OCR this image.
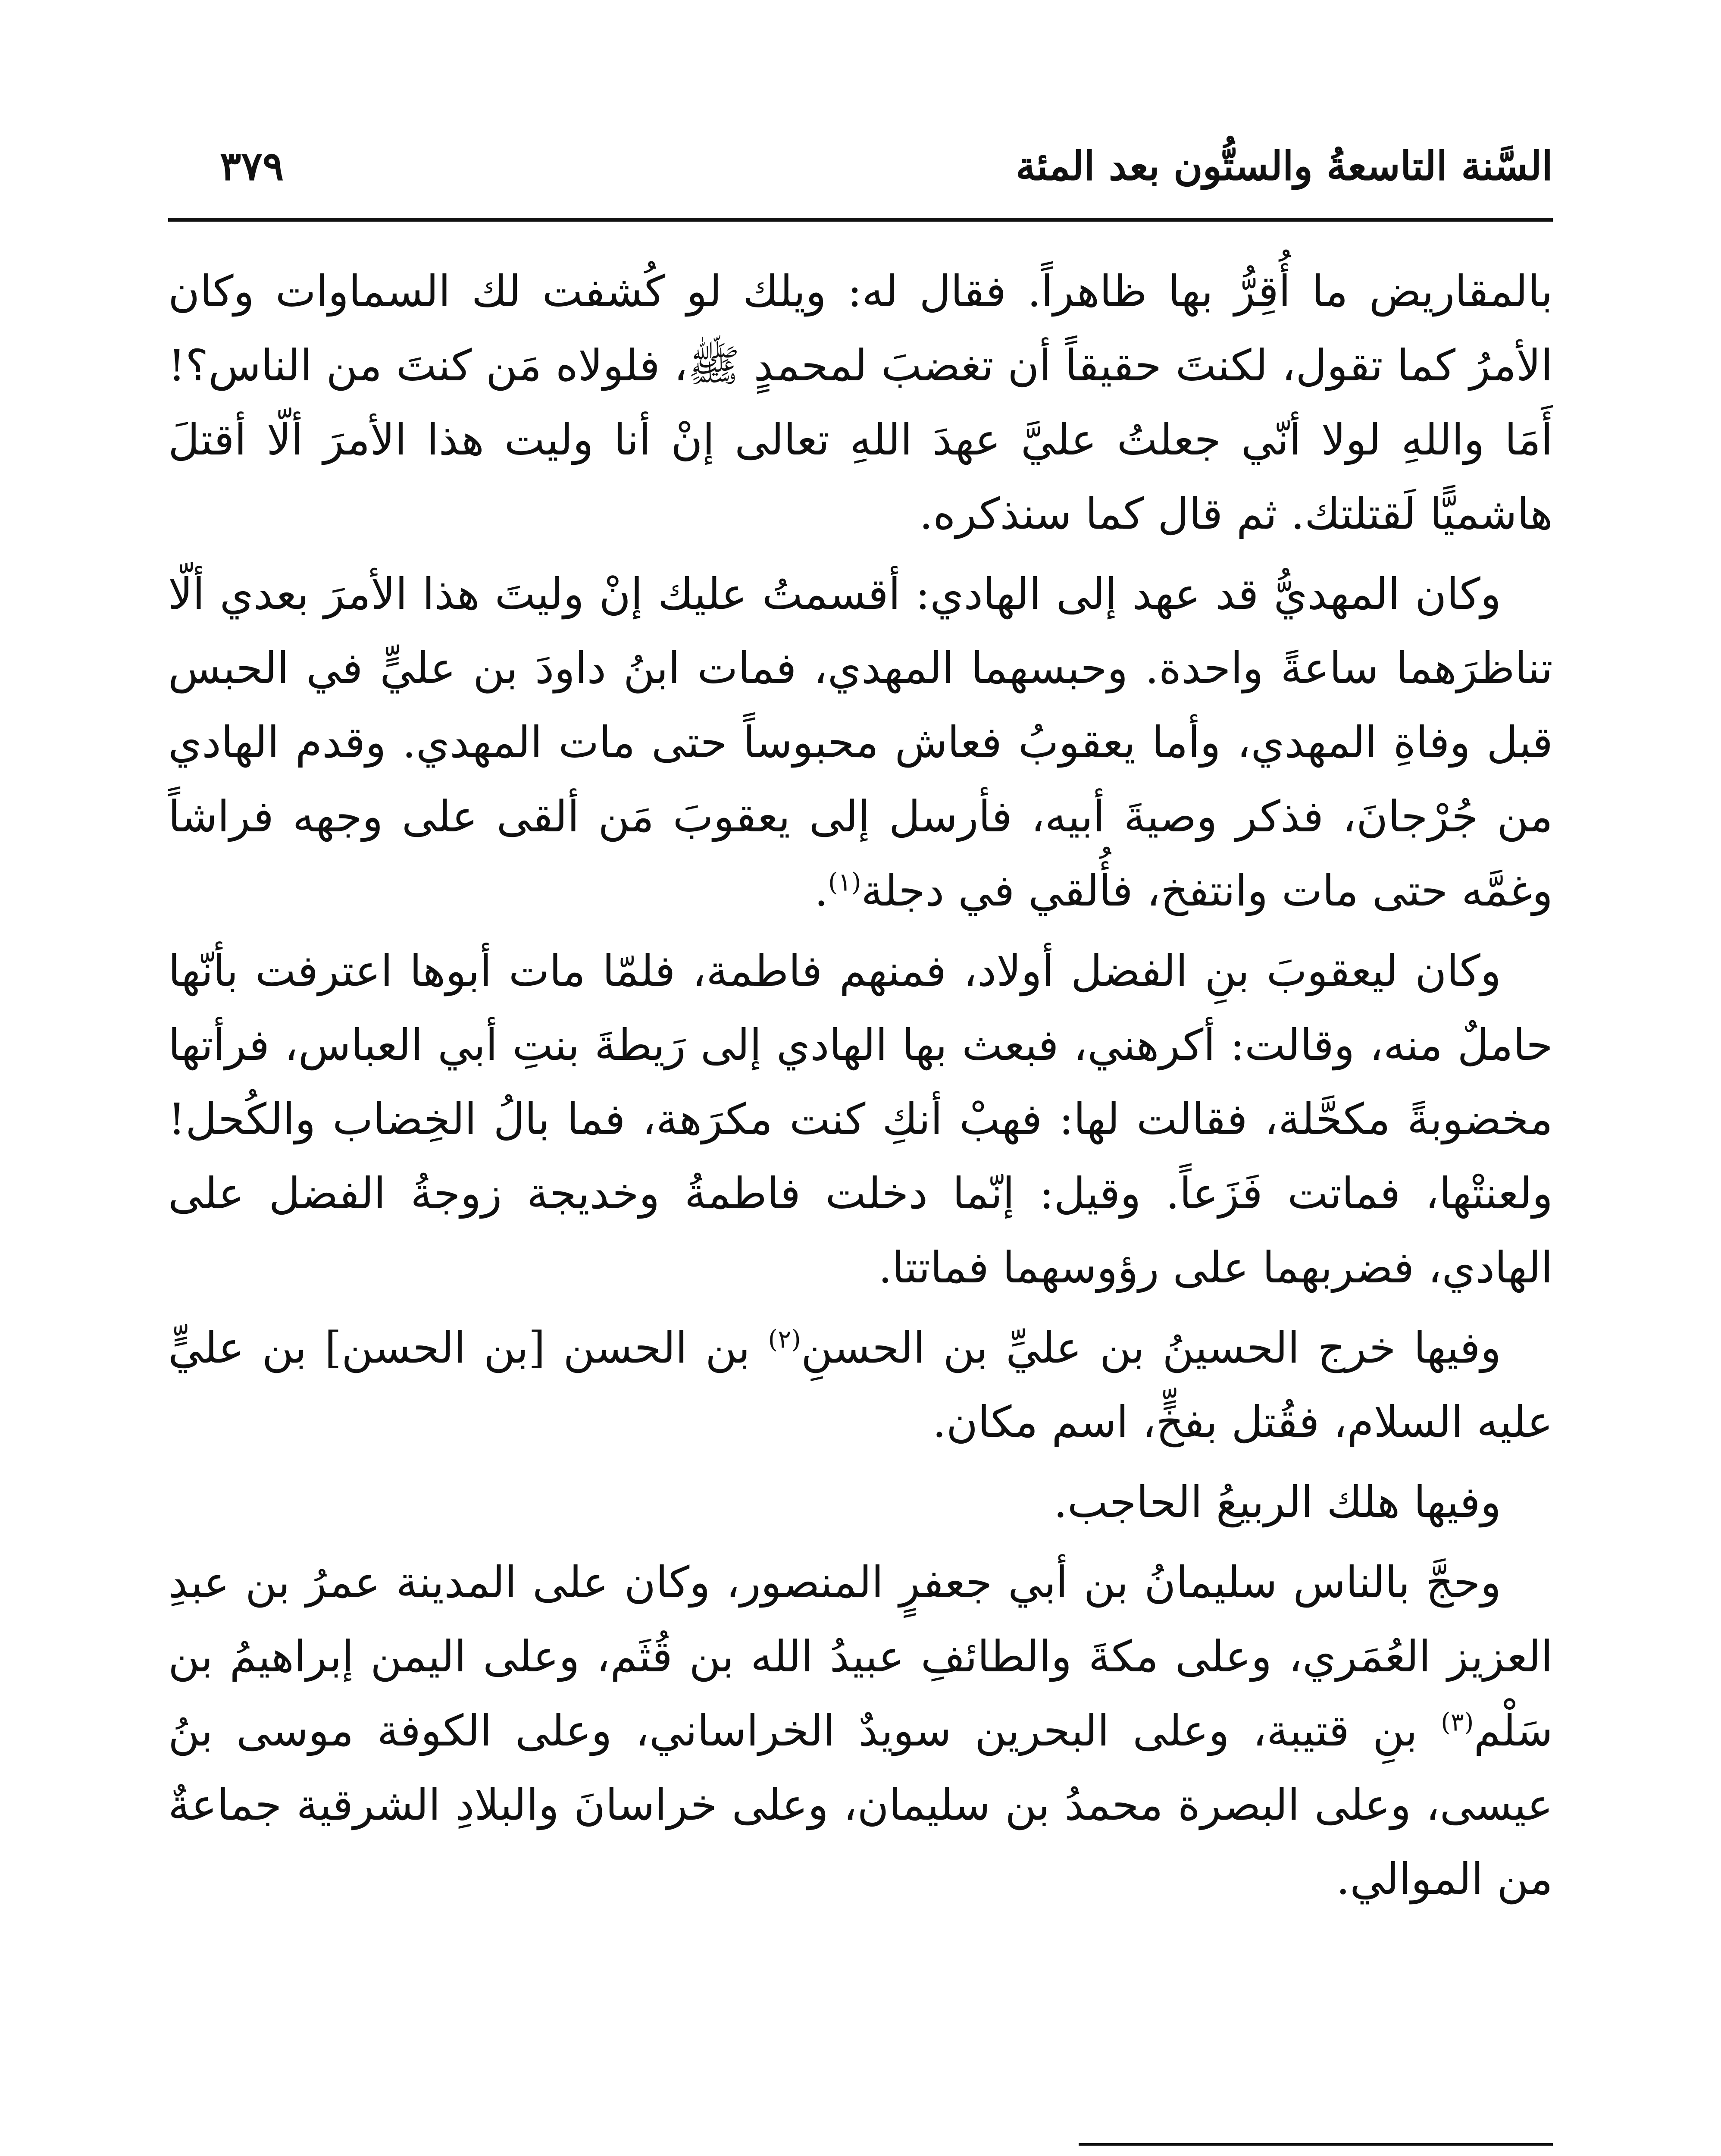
السَّنة التاسعةُ والستُّون بعد المئة
٣٧٩

بالمقاريض ما أُقِرُّ بها ظاهراً. فقال له: ويلك لو كُشفت لك السماوات وكان الأمرُ كما تقول، لكنتَ حقيقاً أن تغضبَ لمحمدٍ ﷺ، فلولاه مَن كنتَ من الناس؟! أَمَا واللهِ لولا أنّي جعلتُ عليَّ عهدَ اللهِ تعالى إنْ أنا وليت هذا الأمرَ ألّا أقتلَ هاشميًّا لَقتلتك. ثم قال كما سنذكره.

وكان المهديُّ قد عهد إلى الهادي: أقسمتُ عليك إنْ وليتَ هذا الأمرَ بعدي ألّا تناظرَهما ساعةً واحدة. وحبسهما المهدي، فمات ابنُ داودَ بن عليٍّ في الحبس قبل وفاةِ المهدي، وأما يعقوبُ فعاش محبوساً حتى مات المهدي. وقدم الهادي من جُرْجانَ، فذكر وصيةَ أبيه، فأرسل إلى يعقوبَ مَن ألقى على وجهه فراشاً وغمَّه حتى مات وانتفخ، فأُلقي في دجلة$^{(١)}$.

وكان ليعقوبَ بنِ الفضل أولاد، فمنهم فاطمة، فلمّا مات أبوها اعترفت بأنّها حاملٌ منه، وقالت: أكرهني، فبعث بها الهادي إلى رَيطةَ بنتِ أبي العباس، فرأتها مخضوبةً مكحَّلة، فقالت لها: فهبْ أنكِ كنت مكرَهة، فما بالُ الخِضاب والكُحل! ولعنتْها، فماتت فَزَعاً. وقيل: إنّما دخلت فاطمةُ وخديجة زوجةُ الفضل على الهادي، فضربهما على رؤوسهما فماتتا.

وفيها خرج الحسينُ بن عليِّ بن الحسنِ$^{(٢)}$ بن الحسن [بن الحسن] بن عليٍّ عليه السلام، فقُتل بفخٍّ، اسم مكان.

وفيها هلك الربيعُ الحاجب.

وحجَّ بالناس سليمانُ بن أبي جعفرٍ المنصور، وكان على المدينة عمرُ بن عبدِ العزيز العُمَري، وعلى مكةَ والطائفِ عبيدُ الله بن قُثَم، وعلى اليمن إبراهيمُ بن سَلْم$^{(٣)}$ بنِ قتيبة، وعلى البحرين سويدٌ الخراساني، وعلى الكوفة موسى بنُ عيسى، وعلى البصرة محمدُ بن سليمان، وعلى خراسانَ والبلادِ الشرقية جماعةٌ من الموالي.
